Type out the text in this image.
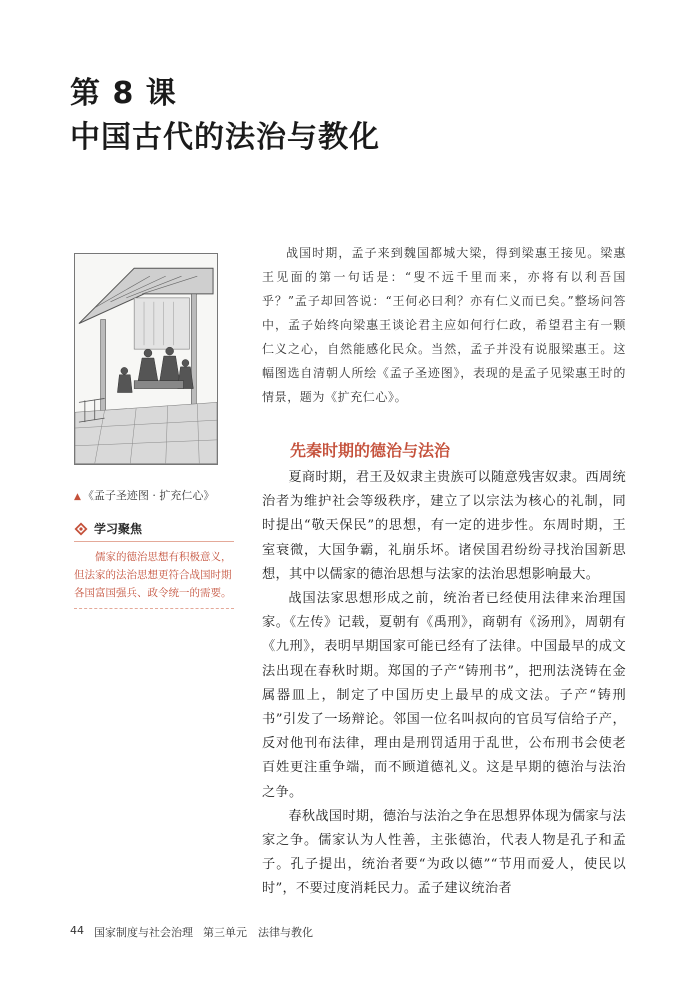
第 8 课
中国古代的法治与教化
▲ 《孟子圣迹图 · 扩充仁心》
学习聚焦
儒家的德治思想有积极意义，但法家的法治思想更符合战国时期各国富国强兵、政令统一的需要。
战国时期，孟子来到魏国都城大梁，得到梁惠王接见。梁惠王见面的第一句话是：“叟不远千里而来，亦将有以利吾国乎？”孟子却回答说：“王何必曰利？亦有仁义而已矣。”整场问答中，孟子始终向梁惠王谈论君主应如何行仁政，希望君主有一颗仁义之心，自然能感化民众。当然，孟子并没有说服梁惠王。这幅图选自清朝人所绘《孟子圣迹图》，表现的是孟子见梁惠王时的情景，题为《扩充仁心》。
先秦时期的德治与法治

夏商时期，君王及奴隶主贵族可以随意残害奴隶。西周统治者为维护社会等级秩序，建立了以宗法为核心的礼制，同时提出“敬天保民”的思想，有一定的进步性。东周时期，王室衰微，大国争霸，礼崩乐坏。诸侯国君纷纷寻找治国新思想，其中以儒家的德治思想与法家的法治思想影响最大。

战国法家思想形成之前，统治者已经使用法律来治理国家。《左传》记载，夏朝有《禹刑》，商朝有《汤刑》，周朝有《九刑》，表明早期国家可能已经有了法律。中国最早的成文法出现在春秋时期。郑国的子产“铸刑书”，把刑法浇铸在金属器皿上，制定了中国历史上最早的成文法。子产“铸刑书”引发了一场辩论。邻国一位名叫叔向的官员写信给子产，反对他刊布法律，理由是刑罚适用于乱世，公布刑书会使老百姓更注重争端，而不顾道德礼义。这是早期的德治与法治之争。

春秋战国时期，德治与法治之争在思想界体现为儒家与法家之争。儒家认为人性善，主张德治，代表人物是孔子和孟子。孔子提出，统治者要“为政以德”“节用而爱人，使民以时”，不要过度消耗民力。孟子建议统治者

44 国家制度与社会治理 第三单元　法律与教化
